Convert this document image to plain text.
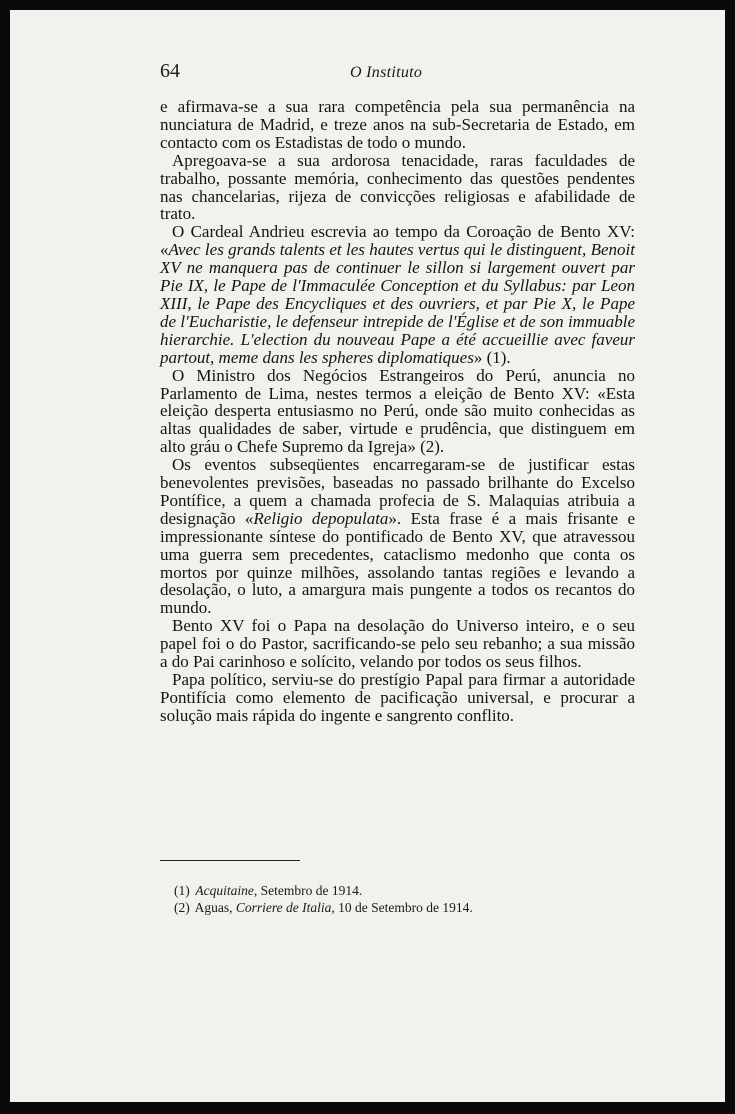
64	O Instituto

e afirmava-se a sua rara competência pela sua permanência na nunciatura de Madrid, e treze anos na sub-Secretaria de Estado, em contacto com os Estadistas de todo o mundo.

Apregoava-se a sua ardorosa tenacidade, raras faculdades de trabalho, possante memória, conhecimento das questões pendentes nas chancelarias, rijeza de convicções religiosas e afabilidade de trato.

O Cardeal Andrieu escrevia ao tempo da Coroação de Bento XV: «Avec les grands talents et les hautes vertus qui le distinguent, Benoit XV ne manquera pas de continuer le sillon si largement ouvert par Pie IX, le Pape de l'Immaculée Conception et du Syllabus: par Leon XIII, le Pape des Encycliques et des ouvriers, et par Pie X, le Pape de l'Eucharistie, le defenseur intrepide de l'Église et de son immuable hierarchie. L'election du nouveau Pape a été accueillie avec faveur partout, meme dans les spheres diplomatiques» (1).

O Ministro dos Negócios Estrangeiros do Perú, anuncia no Parlamento de Lima, nestes termos a eleição de Bento XV: «Esta eleição desperta entusiasmo no Perú, onde são muito conhecidas as altas qualidades de saber, virtude e prudência, que distinguem em alto gráu o Chefe Supremo da Igreja» (2).

Os eventos subseqüentes encarregaram-se de justificar estas benevolentes previsões, baseadas no passado brilhante do Excelso Pontífice, a quem a chamada profecia de S. Malaquias atribuia a designação «Religio depopulata». Esta frase é a mais frisante e impressionante síntese do pontificado de Bento XV, que atravessou uma guerra sem precedentes, cataclismo medonho que conta os mortos por quinze milhões, assolando tantas regiões e levando a desolação, o luto, a amargura mais pungente a todos os recantos do mundo.

Bento XV foi o Papa na desolação do Universo inteiro, e o seu papel foi o do Pastor, sacrificando-se pelo seu rebanho; a sua missão a do Pai carinhoso e solícito, velando por todos os seus filhos.

Papa político, serviu-se do prestígio Papal para firmar a autoridade Pontifícia como elemento de pacificação universal, e procurar a solução mais rápida do ingente e sangrento conflito.

(1) Acquitaine, Setembro de 1914.
(2) Aguas, Corriere de Italia, 10 de Setembro de 1914.
